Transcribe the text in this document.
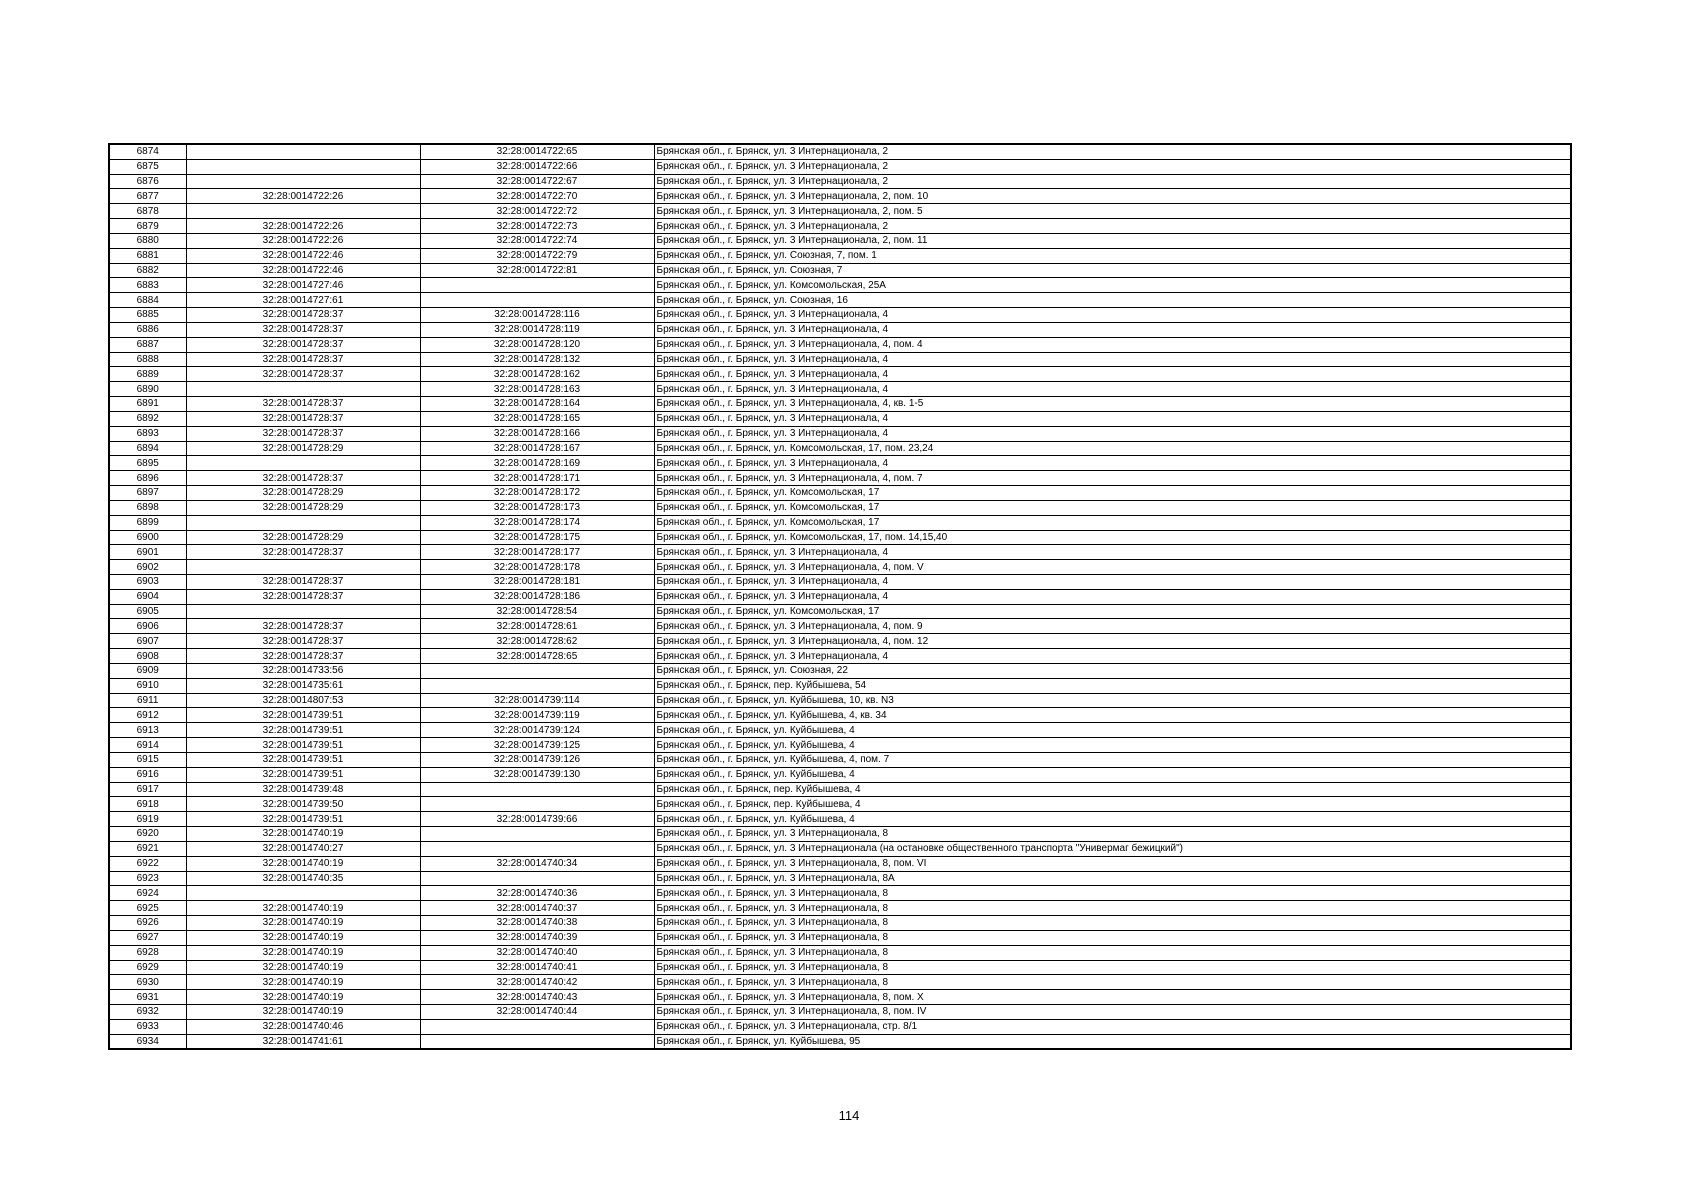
6874		32:28:0014722:65	Брянская обл., г. Брянск, ул. 3 Интернационала, 2
6875		32:28:0014722:66	Брянская обл., г. Брянск, ул. 3 Интернационала, 2
6876		32:28:0014722:67	Брянская обл., г. Брянск, ул. 3 Интернационала, 2
6877	32:28:0014722:26	32:28:0014722:70	Брянская обл., г. Брянск, ул. 3 Интернационала, 2, пом. 10
6878		32:28:0014722:72	Брянская обл., г. Брянск, ул. 3 Интернационала, 2, пом. 5
6879	32:28:0014722:26	32:28:0014722:73	Брянская обл., г. Брянск, ул. 3 Интернационала, 2
6880	32:28:0014722:26	32:28:0014722:74	Брянская обл., г. Брянск, ул. 3 Интернационала, 2, пом. 11
6881	32:28:0014722:46	32:28:0014722:79	Брянская обл., г. Брянск, ул. Союзная, 7, пом. 1
6882	32:28:0014722:46	32:28:0014722:81	Брянская обл., г. Брянск, ул. Союзная, 7
6883	32:28:0014727:46		Брянская обл., г. Брянск, ул. Комсомольская, 25А
6884	32:28:0014727:61		Брянская обл., г. Брянск, ул. Союзная, 16
6885	32:28:0014728:37	32:28:0014728:116	Брянская обл., г. Брянск, ул. 3 Интернационала, 4
6886	32:28:0014728:37	32:28:0014728:119	Брянская обл., г. Брянск, ул. 3 Интернационала, 4
6887	32:28:0014728:37	32:28:0014728:120	Брянская обл., г. Брянск, ул. 3 Интернационала, 4, пом. 4
6888	32:28:0014728:37	32:28:0014728:132	Брянская обл., г. Брянск, ул. 3 Интернационала, 4
6889	32:28:0014728:37	32:28:0014728:162	Брянская обл., г. Брянск, ул. 3 Интернационала, 4
6890		32:28:0014728:163	Брянская обл., г. Брянск, ул. 3 Интернационала, 4
6891	32:28:0014728:37	32:28:0014728:164	Брянская обл., г. Брянск, ул. 3 Интернационала, 4, кв. 1-5
6892	32:28:0014728:37	32:28:0014728:165	Брянская обл., г. Брянск, ул. 3 Интернационала, 4
6893	32:28:0014728:37	32:28:0014728:166	Брянская обл., г. Брянск, ул. 3 Интернационала, 4
6894	32:28:0014728:29	32:28:0014728:167	Брянская обл., г. Брянск, ул. Комсомольская, 17, пом. 23,24
6895		32:28:0014728:169	Брянская обл., г. Брянск, ул. 3 Интернационала, 4
6896	32:28:0014728:37	32:28:0014728:171	Брянская обл., г. Брянск, ул. 3 Интернационала, 4, пом. 7
6897	32:28:0014728:29	32:28:0014728:172	Брянская обл., г. Брянск, ул. Комсомольская, 17
6898	32:28:0014728:29	32:28:0014728:173	Брянская обл., г. Брянск, ул. Комсомольская, 17
6899		32:28:0014728:174	Брянская обл., г. Брянск, ул. Комсомольская, 17
6900	32:28:0014728:29	32:28:0014728:175	Брянская обл., г. Брянск, ул. Комсомольская, 17, пом. 14,15,40
6901	32:28:0014728:37	32:28:0014728:177	Брянская обл., г. Брянск, ул. 3 Интернационала, 4
6902		32:28:0014728:178	Брянская обл., г. Брянск, ул. 3 Интернационала, 4, пом. V
6903	32:28:0014728:37	32:28:0014728:181	Брянская обл., г. Брянск, ул. 3 Интернационала, 4
6904	32:28:0014728:37	32:28:0014728:186	Брянская обл., г. Брянск, ул. 3 Интернационала, 4
6905		32:28:0014728:54	Брянская обл., г. Брянск, ул. Комсомольская, 17
6906	32:28:0014728:37	32:28:0014728:61	Брянская обл., г. Брянск, ул. 3 Интернационала, 4, пом. 9
6907	32:28:0014728:37	32:28:0014728:62	Брянская обл., г. Брянск, ул. 3 Интернационала, 4, пом. 12
6908	32:28:0014728:37	32:28:0014728:65	Брянская обл., г. Брянск, ул. 3 Интернационала, 4
6909	32:28:0014733:56		Брянская обл., г. Брянск, ул. Союзная, 22
6910	32:28:0014735:61		Брянская обл., г. Брянск, пер. Куйбышева, 54
6911	32:28:0014807:53	32:28:0014739:114	Брянская обл., г. Брянск, ул. Куйбышева, 10, кв. N3
6912	32:28:0014739:51	32:28:0014739:119	Брянская обл., г. Брянск, ул. Куйбышева, 4, кв. 34
6913	32:28:0014739:51	32:28:0014739:124	Брянская обл., г. Брянск, ул. Куйбышева, 4
6914	32:28:0014739:51	32:28:0014739:125	Брянская обл., г. Брянск, ул. Куйбышева, 4
6915	32:28:0014739:51	32:28:0014739:126	Брянская обл., г. Брянск, ул. Куйбышева, 4, пом. 7
6916	32:28:0014739:51	32:28:0014739:130	Брянская обл., г. Брянск, ул. Куйбышева, 4
6917	32:28:0014739:48		Брянская обл., г. Брянск, пер. Куйбышева, 4
6918	32:28:0014739:50		Брянская обл., г. Брянск, пер. Куйбышева, 4
6919	32:28:0014739:51	32:28:0014739:66	Брянская обл., г. Брянск, ул. Куйбышева, 4
6920	32:28:0014740:19		Брянская обл., г. Брянск, ул. 3 Интернационала, 8
6921	32:28:0014740:27		Брянская обл., г. Брянск, ул. 3 Интернационала (на остановке общественного транспорта "Универмаг бежицкий")
6922	32:28:0014740:19	32:28:0014740:34	Брянская обл., г. Брянск, ул. 3 Интернационала, 8, пом. VI
6923	32:28:0014740:35		Брянская обл., г. Брянск, ул. 3 Интернационала, 8А
6924		32:28:0014740:36	Брянская обл., г. Брянск, ул. 3 Интернационала, 8
6925	32:28:0014740:19	32:28:0014740:37	Брянская обл., г. Брянск, ул. 3 Интернационала, 8
6926	32:28:0014740:19	32:28:0014740:38	Брянская обл., г. Брянск, ул. 3 Интернационала, 8
6927	32:28:0014740:19	32:28:0014740:39	Брянская обл., г. Брянск, ул. 3 Интернационала, 8
6928	32:28:0014740:19	32:28:0014740:40	Брянская обл., г. Брянск, ул. 3 Интернационала, 8
6929	32:28:0014740:19	32:28:0014740:41	Брянская обл., г. Брянск, ул. 3 Интернационала, 8
6930	32:28:0014740:19	32:28:0014740:42	Брянская обл., г. Брянск, ул. 3 Интернационала, 8
6931	32:28:0014740:19	32:28:0014740:43	Брянская обл., г. Брянск, ул. 3 Интернационала, 8, пом. X
6932	32:28:0014740:19	32:28:0014740:44	Брянская обл., г. Брянск, ул. 3 Интернационала, 8, пом. IV
6933	32:28:0014740:46		Брянская обл., г. Брянск, ул. 3 Интернационала, стр. 8/1
6934	32:28:0014741:61		Брянская обл., г. Брянск, ул. Куйбышева, 95
114
